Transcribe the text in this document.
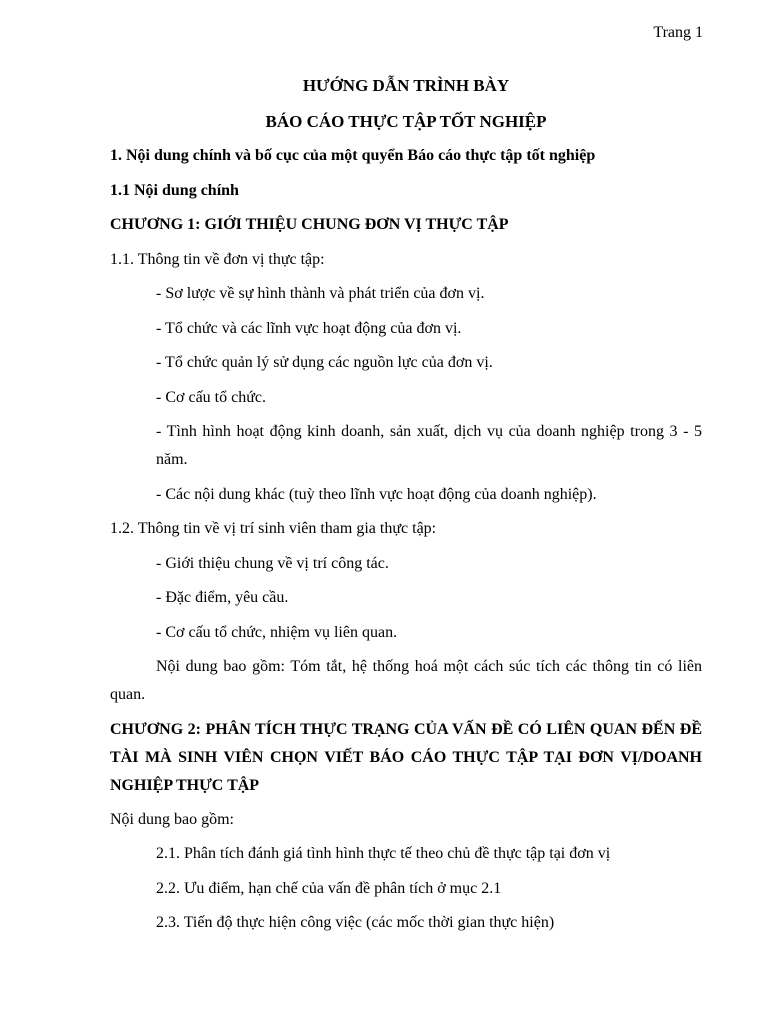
Trang 1
HƯỚNG DẪN TRÌNH BÀY
BÁO CÁO THỰC TẬP TỐT NGHIỆP

1. Nội dung chính và bố cục của một quyển Báo cáo thực tập tốt nghiệp

1.1 Nội dung chính

CHƯƠNG 1: GIỚI THIỆU CHUNG ĐƠN VỊ THỰC TẬP

1.1. Thông tin về đơn vị thực tập:

- Sơ lược về sự hình thành và phát triển của đơn vị.

- Tổ chức và các lĩnh vực hoạt động của đơn vị.

- Tổ chức quản lý sử dụng các nguồn lực của đơn vị.

- Cơ cấu tổ chức.

- Tình hình hoạt động kinh doanh, sản xuất, dịch vụ của doanh nghiệp trong 3 - 5 năm.

- Các nội dung khác (tuỳ theo lĩnh vực hoạt động của doanh nghiệp).

1.2. Thông tin về vị trí sinh viên tham gia thực tập:

- Giới thiệu chung về vị trí công tác.

- Đặc điểm, yêu cầu.

- Cơ cấu tổ chức, nhiệm vụ liên quan.

Nội dung bao gồm: Tóm tắt, hệ thống hoá một cách súc tích các thông tin có liên quan.

CHƯƠNG 2: PHÂN TÍCH THỰC TRẠNG CỦA VẤN ĐỀ CÓ LIÊN QUAN ĐẾN ĐỀ TÀI MÀ SINH VIÊN CHỌN VIẾT BÁO CÁO THỰC TẬP TẠI ĐƠN VỊ/DOANH NGHIỆP THỰC TẬP

Nội dung bao gồm:

2.1. Phân tích đánh giá tình hình thực tế theo chủ đề thực tập tại đơn vị

2.2. Ưu điểm, hạn chế của vấn đề phân tích ở mục 2.1

2.3. Tiến độ thực hiện công việc (các mốc thời gian thực hiện)
